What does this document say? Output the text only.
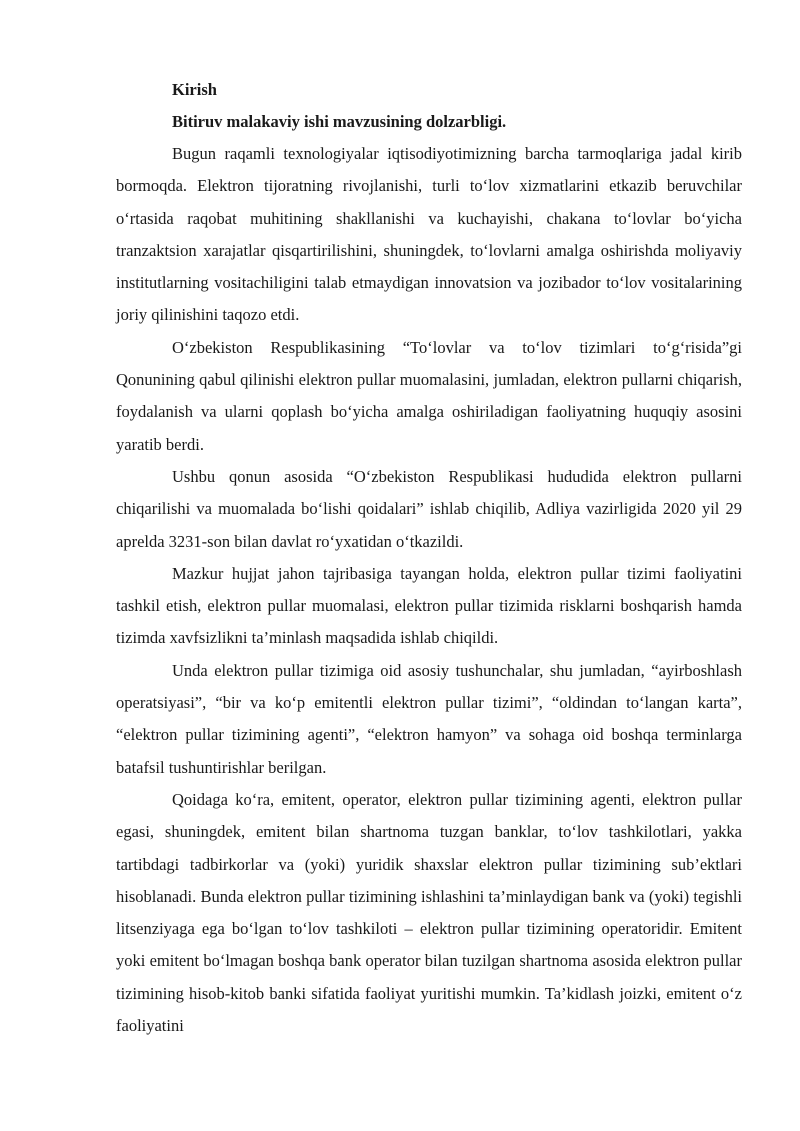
Kirish

Bitiruv malakaviy ishi mavzusining dolzarbligi.

Bugun raqamli texnologiyalar iqtisodiyotimizning barcha tarmoqlariga jadal kirib bormoqda. Elektron tijoratning rivojlanishi, turli to‘lov xizmatlarini etkazib beruvchilar o‘rtasida raqobat muhitining shakllanishi va kuchayishi, chakana to‘lovlar bo‘yicha tranzaktsion xarajatlar qisqartirilishini, shuningdek, to‘lovlarni amalga oshirishda moliyaviy institutlarning vositachiligini talab etmaydigan innovatsion va jozibador to‘lov vositalarining joriy qilinishini taqozo etdi.

O‘zbekiston Respublikasining “To‘lovlar va to‘lov tizimlari to‘g‘risida”gi Qonunining qabul qilinishi elektron pullar muomalasini, jumladan, elektron pullarni chiqarish, foydalanish va ularni qoplash bo‘yicha amalga oshiriladigan faoliyatning huquqiy asosini yaratib berdi.

Ushbu qonun asosida “O‘zbekiston Respublikasi hududida elektron pullarni chiqarilishi va muomalada bo‘lishi qoidalari” ishlab chiqilib, Adliya vazirligida 2020 yil 29 aprelda 3231-son bilan davlat ro‘yxatidan o‘tkazildi.

Mazkur hujjat jahon tajribasiga tayangan holda, elektron pullar tizimi faoliyatini tashkil etish, elektron pullar muomalasi, elektron pullar tizimida risklarni boshqarish hamda tizimda xavfsizlikni ta’minlash maqsadida ishlab chiqildi.

Unda elektron pullar tizimiga oid asosiy tushunchalar, shu jumladan, “ayirboshlash operatsiyasi”, “bir va ko‘p emitentli elektron pullar tizimi”, “oldindan to‘langan karta”, “elektron pullar tizimining agenti”, “elektron hamyon” va sohaga oid boshqa terminlarga batafsil tushuntirishlar berilgan.

Qoidaga ko‘ra, emitent, operator, elektron pullar tizimining agenti, elektron pullar egasi, shuningdek, emitent bilan shartnoma tuzgan banklar, to‘lov tashkilotlari, yakka tartibdagi tadbirkorlar va (yoki) yuridik shaxslar elektron pullar tizimining sub’ektlari hisoblanadi. Bunda elektron pullar tizimining ishlashini ta’minlaydigan bank va (yoki) tegishli litsenziyaga ega bo‘lgan to‘lov tashkiloti – elektron pullar tizimining operatoridir. Emitent yoki emitent bo‘lmagan boshqa bank operator bilan tuzilgan shartnoma asosida elektron pullar tizimining hisob-kitob banki sifatida faoliyat yuritishi mumkin. Ta’kidlash joizki, emitent o‘z faoliyatini
